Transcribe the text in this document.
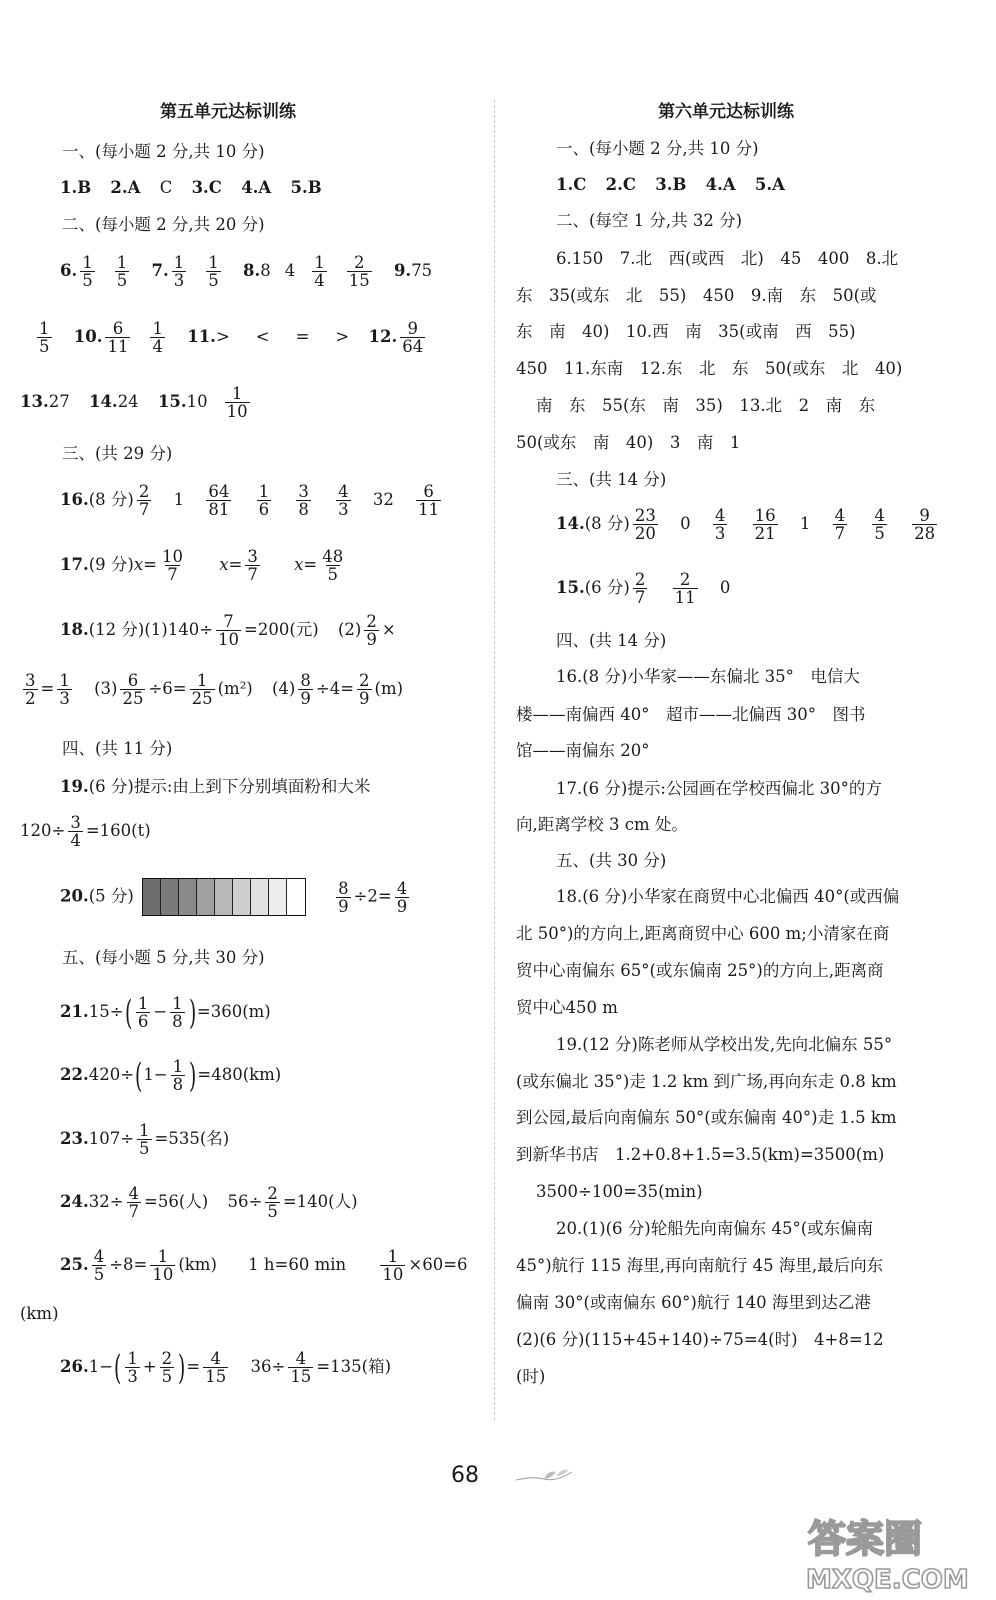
第五单元达标训练
一、(每小题 2 分,共 10 分)
1.B 2.A C 3.C 4.A 5.B
二、(每小题 2 分,共 20 分)
6. $\frac{1}{5} \frac{1}{5} 7$. $\frac{1}{3} \frac{1}{5} 8.8$ $4 \frac{1}{4} \frac{2}{15} 9.75$
$\frac{1}{5} 10$. $\frac{6}{11} \frac{1}{4} 11.>$ < = > 12. $\frac{9}{64}$
13.27 14.24 $15.10 \frac{1}{10}$
三、(共 29 分)
16.(8 分) $\frac{2}{7} 1 \frac{64}{81}$
$\frac{1}{6}$
$\frac{3}{8}$
$\frac{4}{3} 32 \frac{6}{11}$
17.(9 分)$x= \frac{10}{7} x= \frac{3}{7} x= \frac{48}{5}$
18.(12 分)$(1)140\div \frac{7}{10} =200$(元) $(2) \frac{2}{9}$ ×
$\frac{3}{2} = \frac{1}{3} (3) \frac{6}{25} \div 6= \frac{1}{25} (m^2)$ $(4) \frac{8}{9} \div 4= \frac{2}{9} (m)$
四、(共 11 分)
19.(6 分)提示:由上到下分别填面粉和大米
$120\div \frac{3}{4} =160(t)$
20.(5 分)	$\frac{8}{9} \div 2= \frac{4}{9}$
五、(每小题 5 分,共 30 分)
$21.15\div( \frac{1}{6} - \frac{1}{8} )=360(m)$
$22.420\div(1- \frac{1}{8} )=480(km)$
$23.107\div \frac{1}{5} =535$(名)
$24.32\div \frac{4}{7} =56$(人) $56\div \frac{2}{5} =140$(人)
25. $\frac{4}{5} \div 8= \frac{1}{10} (km)$ 1 h=60 $\min \frac{1}{10} \times 60=6$
(km)
$26.1-( \frac{1}{3} + \frac{2}{5}$ )= $\frac{4}{15} 36\div \frac{4}{15} =135$(箱)
第六单元达标训练
一、(每小题 2 分,共 10 分)
1.C 2.C 3.B 4.A 5.A
二、(每空 1 分,共 32 分)
6.150　7.北　西(或西　北)　45　400　8.北
东　35(或东　北　55)　450　9.南　东　50(或
东　南　40)　10.西　南　35(或南　西　55)
450　11.东南　12.东　北　东　50(或东　北　40)
南　东　55(东　南　35)　13.北　2　南　东
50(或东　南　40)　3　南　1
三、(共 14 分)
14.(8 分) $\frac{23}{20} 0 \frac{4}{3}$
$\frac{16}{21} 1 \frac{4}{7}$
$\frac{4}{5}$
$\frac{9}{28}$
15.(6 分) $\frac{2}{7}$
$\frac{2}{11} 0$
四、(共 14 分)
16.(8 分)小华家——东偏北 35°　电信大
楼——南偏西 40°　超市——北偏西 30°　图书
馆——南偏东 20°
17.(6 分)提示:公园画在学校西偏北 30°的方
向,距离学校 3 cm 处。
五、(共 30 分)
18.(6 分)小华家在商贸中心北偏西 40°(或西偏
北 50°)的方向上,距离商贸中心 600 m;小清家在商
贸中心南偏东 65°(或东偏南 25°)的方向上,距离商
贸中心450 m
19.(12 分)陈老师从学校出发,先向北偏东 55°
(或东偏北 35°)走 1.2 km 到广场,再向东走 0.8 km
到公园,最后向南偏东 50°(或东偏南 40°)走 1.5 km
到新华书店　1.2+0.8+1.5=3.5(km)=3500(m)
3500÷100=35(min)
20.(1)(6 分)轮船先向南偏东 45°(或东偏南
45°)航行 115 海里,再向南航行 45 海里,最后向东
偏南 30°(或南偏东 60°)航行 140 海里到达乙港
(2)(6 分)(115+45+140)÷75=4(时)　4+8=12
(时)
68
答案圈
MXQE.COM
